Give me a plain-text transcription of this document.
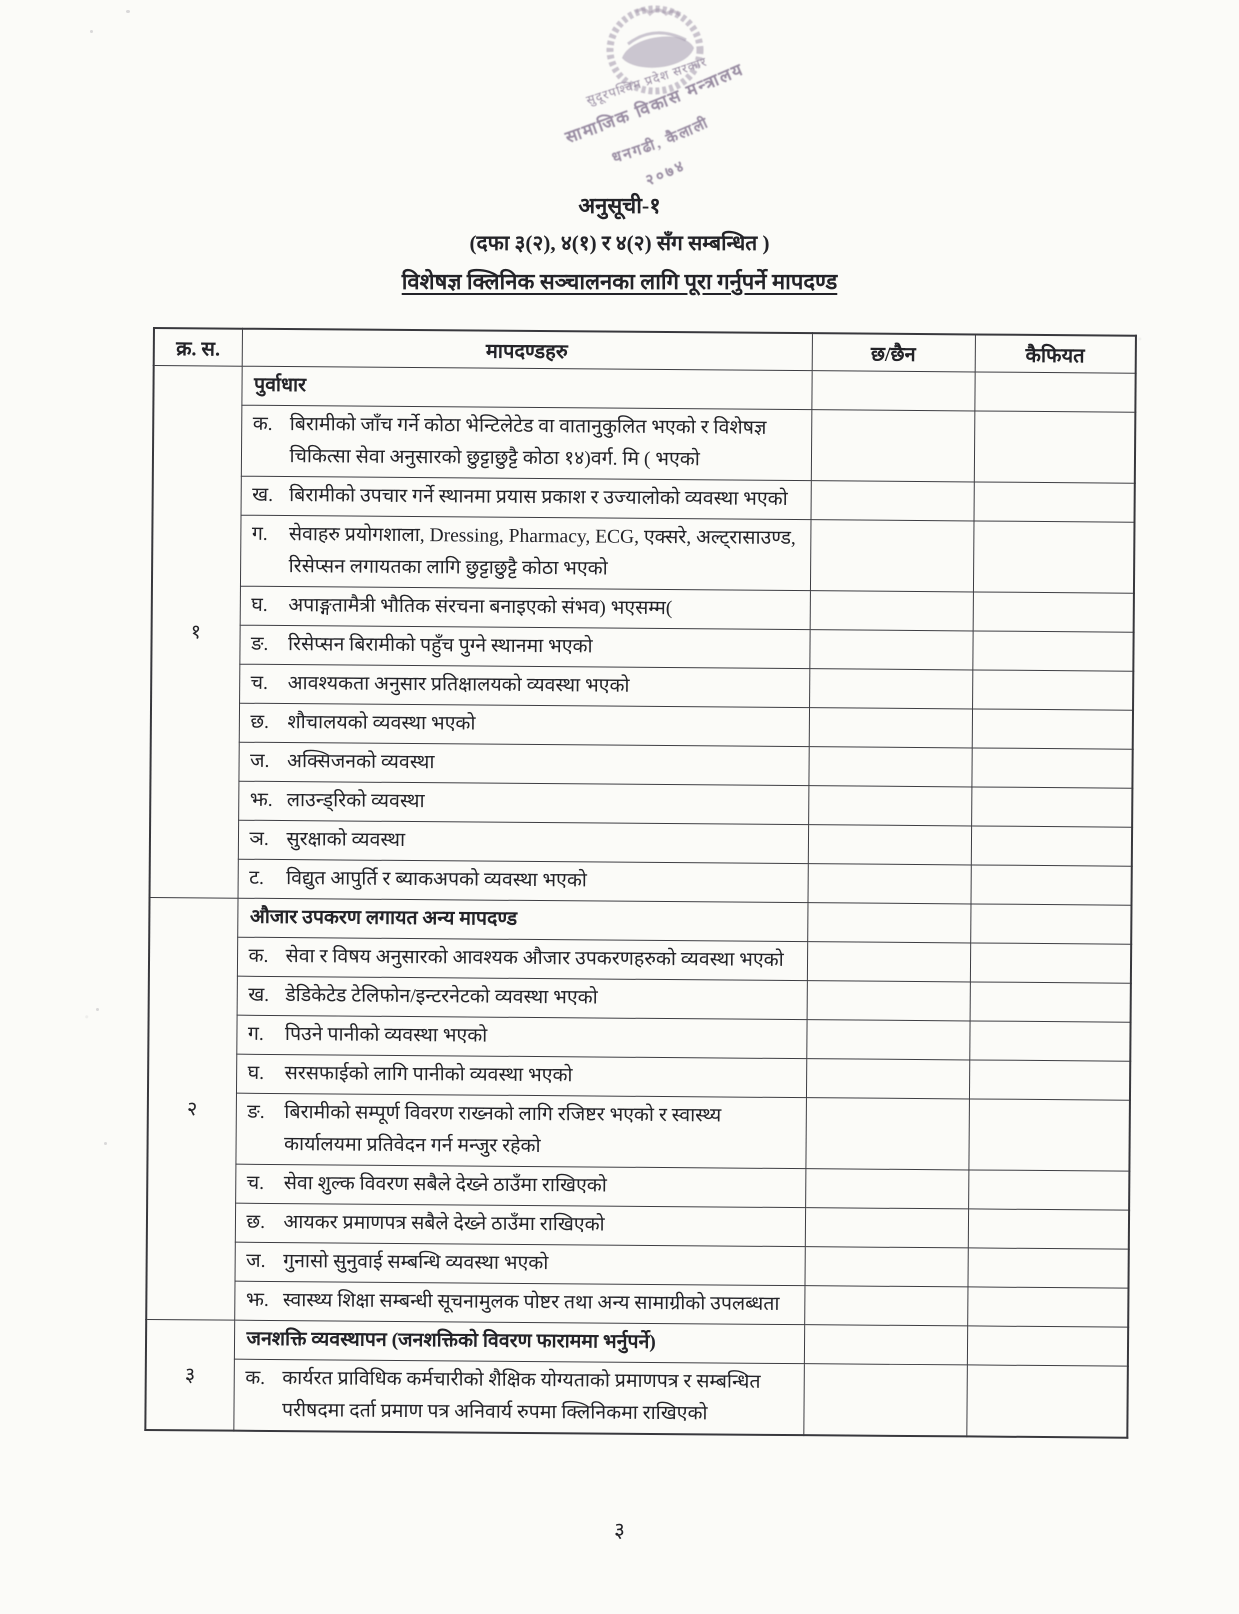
सुदूरपश्चिम प्रदेश सरकार
सामाजिक विकास मन्त्रालय
धनगढी, कैलाली
२०७४
अनुसूची-१
(दफा ३(२), ४(१) र ४(२) सँग सम्बन्धित )
विशेषज्ञ क्लिनिक सञ्चालनका लागि पूरा गर्नुपर्ने मापदण्ड
क्र. स.	मापदण्डहरु	छ/छैन	कैफियत
१	पुर्वाधार		

	क. बिरामीको जाँच गर्ने कोठा भेन्टिलेटेड वा वातानुकुलित भएको र विशेषज्ञ चिकित्सा सेवा अनुसारको छुट्टाछुट्टै कोठा १४)वर्ग. मि ( भएको		

	ख. बिरामीको उपचार गर्ने स्थानमा प्रयास प्रकाश र उज्यालोको व्यवस्था भएको		

	ग. सेवाहरु प्रयोगशाला, Dressing, Pharmacy, ECG, एक्सरे, अल्ट्रासाउण्ड, रिसेप्सन लगायतका लागि छुट्टाछुट्टै कोठा भएको		

	घ. अपाङ्गतामैत्री भौतिक संरचना बनाइएको संभव) भएसम्म(		

	ङ. रिसेप्सन बिरामीको पहुँच पुग्ने स्थानमा भएको		

	च. आवश्यकता अनुसार प्रतिक्षालयको व्यवस्था भएको		

	छ. शौचालयको व्यवस्था भएको		

	ज. अक्सिजनको व्यवस्था		

	झ. लाउन्ड्रिको व्यवस्था		

	ञ. सुरक्षाको व्यवस्था		

	ट. विद्युत आपुर्ति र ब्याकअपको व्यवस्था भएको		
२	औजार उपकरण लगायत अन्य मापदण्ड		

	क. सेवा र विषय अनुसारको आवश्यक औजार उपकरणहरुको व्यवस्था भएको		

	ख. डेडिकेटेड टेलिफोन/इन्टरनेटको व्यवस्था भएको		

	ग. पिउने पानीको व्यवस्था भएको		

	घ. सरसफाईको लागि पानीको व्यवस्था भएको		

	ङ. बिरामीको सम्पूर्ण विवरण राख्नको लागि रजिष्टर भएको र स्वास्थ्य कार्यालयमा प्रतिवेदन गर्न मन्जुर रहेको		

	च. सेवा शुल्क विवरण सबैले देख्ने ठाउँमा राखिएको		

	छ. आयकर प्रमाणपत्र सबैले देख्ने ठाउँमा राखिएको		

	ज. गुनासो सुनुवाई सम्बन्धि व्यवस्था भएको		

	झ. स्वास्थ्य शिक्षा सम्बन्धी सूचनामुलक पोष्टर तथा अन्य सामाग्रीको उपलब्धता		
३	जनशक्ति व्यवस्थापन (जनशक्तिको विवरण फाराममा भर्नुपर्ने)		

	क. कार्यरत प्राविधिक कर्मचारीको शैक्षिक योग्यताको प्रमाणपत्र र सम्बन्धित परीषदमा दर्ता प्रमाण पत्र अनिवार्य रुपमा क्लिनिकमा राखिएको		
३
